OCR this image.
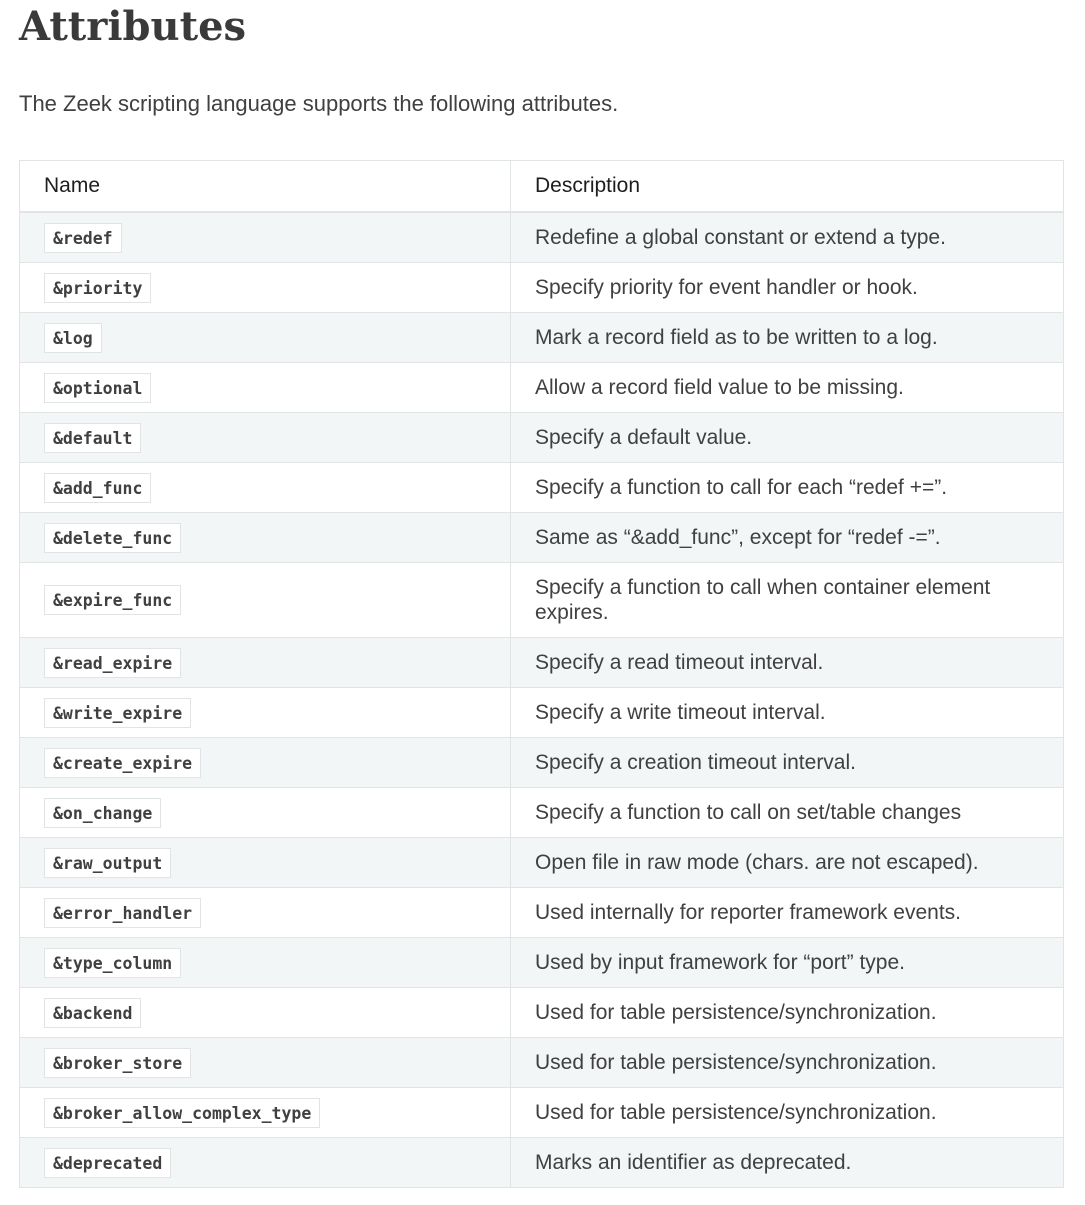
Attributes

The Zeek scripting language supports the following attributes.

Name	Description
&redef	Redefine a global constant or extend a type.
&priority	Specify priority for event handler or hook.
&log	Mark a record field as to be written to a log.
&optional	Allow a record field value to be missing.
&default	Specify a default value.
&add_func	Specify a function to call for each “redef +=”.
&delete_func	Same as “&add_func”, except for “redef -=”.
&expire_func	Specify a function to call when container element expires.
&read_expire	Specify a read timeout interval.
&write_expire	Specify a write timeout interval.
&create_expire	Specify a creation timeout interval.
&on_change	Specify a function to call on set/table changes
&raw_output	Open file in raw mode (chars. are not escaped).
&error_handler	Used internally for reporter framework events.
&type_column	Used by input framework for “port” type.
&backend	Used for table persistence/synchronization.
&broker_store	Used for table persistence/synchronization.
&broker_allow_complex_type	Used for table persistence/synchronization.
&deprecated	Marks an identifier as deprecated.
